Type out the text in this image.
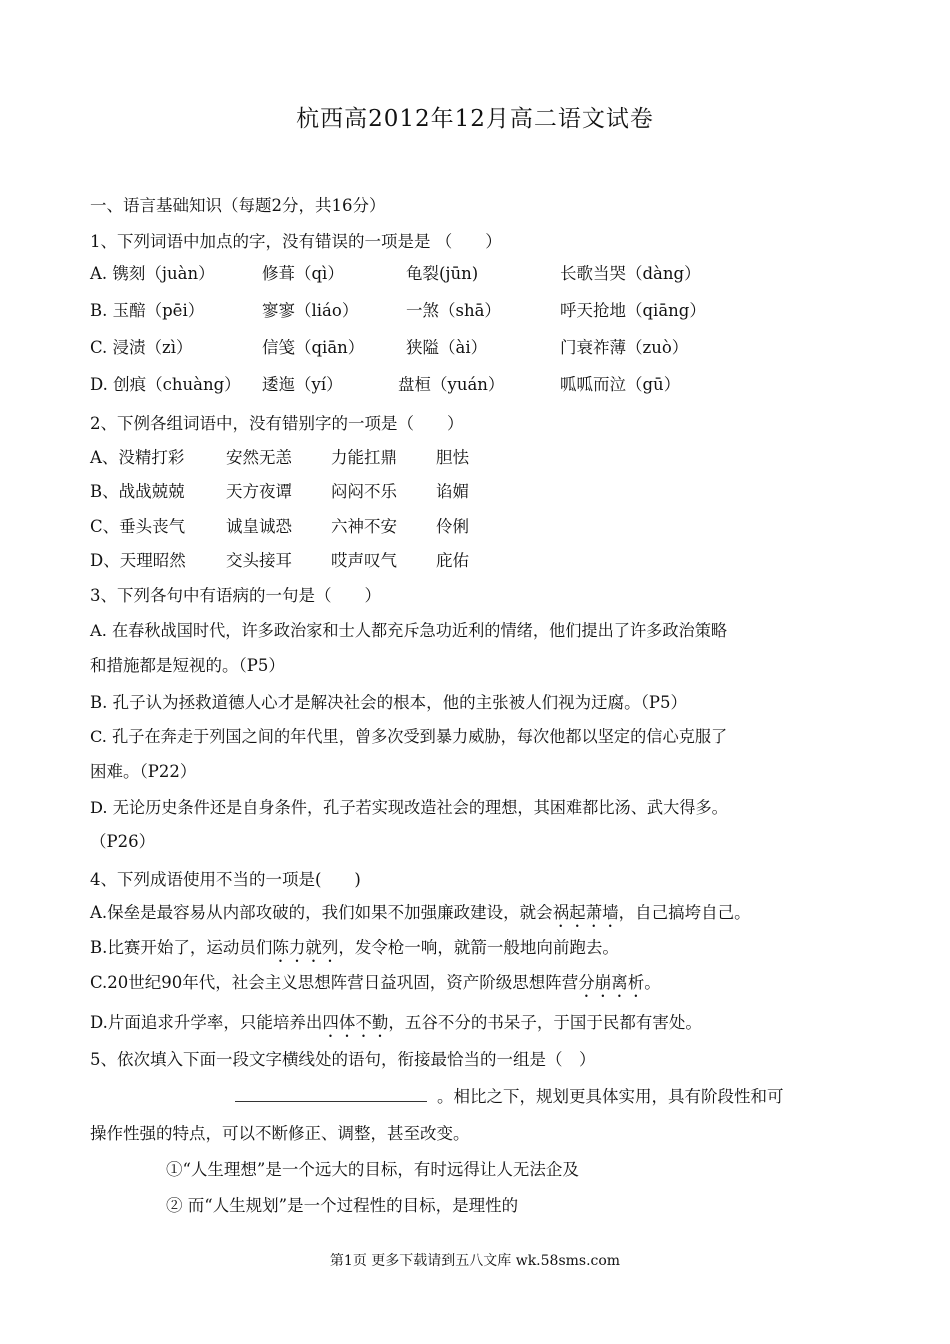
杭西高2012年12月高二语文试卷
一、语言基础知识（每题2分，共16分）
1、下列词语中加点的字，没有错误的一项是是 （　　）
A. 镌刻（juàn）	修葺（qì）	龟裂(jūn)	长歌当哭（dàng）
B. 玉醅（pēi）	寥寥（liáo）	一煞（shā）	呼天抢地（qiāng）
C. 浸渍（zì）	信笺（qiān）	狭隘（ài）	门衰祚薄（zuò）
D. 创痕（chuàng） 逶迤（yí）	盘桓（yuán）	呱呱而泣（gū）
2、下例各组词语中，没有错别字的一项是（　　）
A、没精打彩	安然无恙 力能扛鼎 胆怯
B、战战兢兢	天方夜谭 闷闷不乐 谄媚
C、垂头丧气 诚皇诚恐 六神不安 伶俐
D、天理昭然 交头接耳 哎声叹气 庇佑
3、下列各句中有语病的一句是（　　）
A. 在春秋战国时代，许多政治家和士人都充斥急功近利的情绪，他们提出了许多政治策略
和措施都是短视的。（P5）
B. 孔子认为拯救道德人心才是解决社会的根本，他的主张被人们视为迂腐。（P5）
C. 孔子在奔走于列国之间的年代里，曾多次受到暴力威胁，每次他都以坚定的信心克服了
困难。（P22）
D. 无论历史条件还是自身条件，孔子若实现改造社会的理想，其困难都比汤、武大得多。
（P26）
4、下列成语使用不当的一项是(　　)
A.保垒是最容易从内部攻破的，我们如果不加强廉政建设，就会祸起萧墙，自己搞垮自己。
B.比赛开始了，运动员们陈力就列，发令枪一响，就箭一般地向前跑去。
C.20世纪90年代，社会主义思想阵营日益巩固，资产阶级思想阵营分崩离析。
D.片面追求升学率，只能培养出四体不勤，五谷不分的书呆子，于国于民都有害处。
5、依次填入下面一段文字横线处的语句，衔接最恰当的一组是（　）
。相比之下，规划更具体实用，具有阶段性和可
操作性强的特点，可以不断修正、调整，甚至改变。
①“人生理想”是一个远大的目标，有时远得让人无法企及
② 而“人生规划”是一个过程性的目标，是理性的
第1页 更多下载请到五八文库 wk.58sms.com
